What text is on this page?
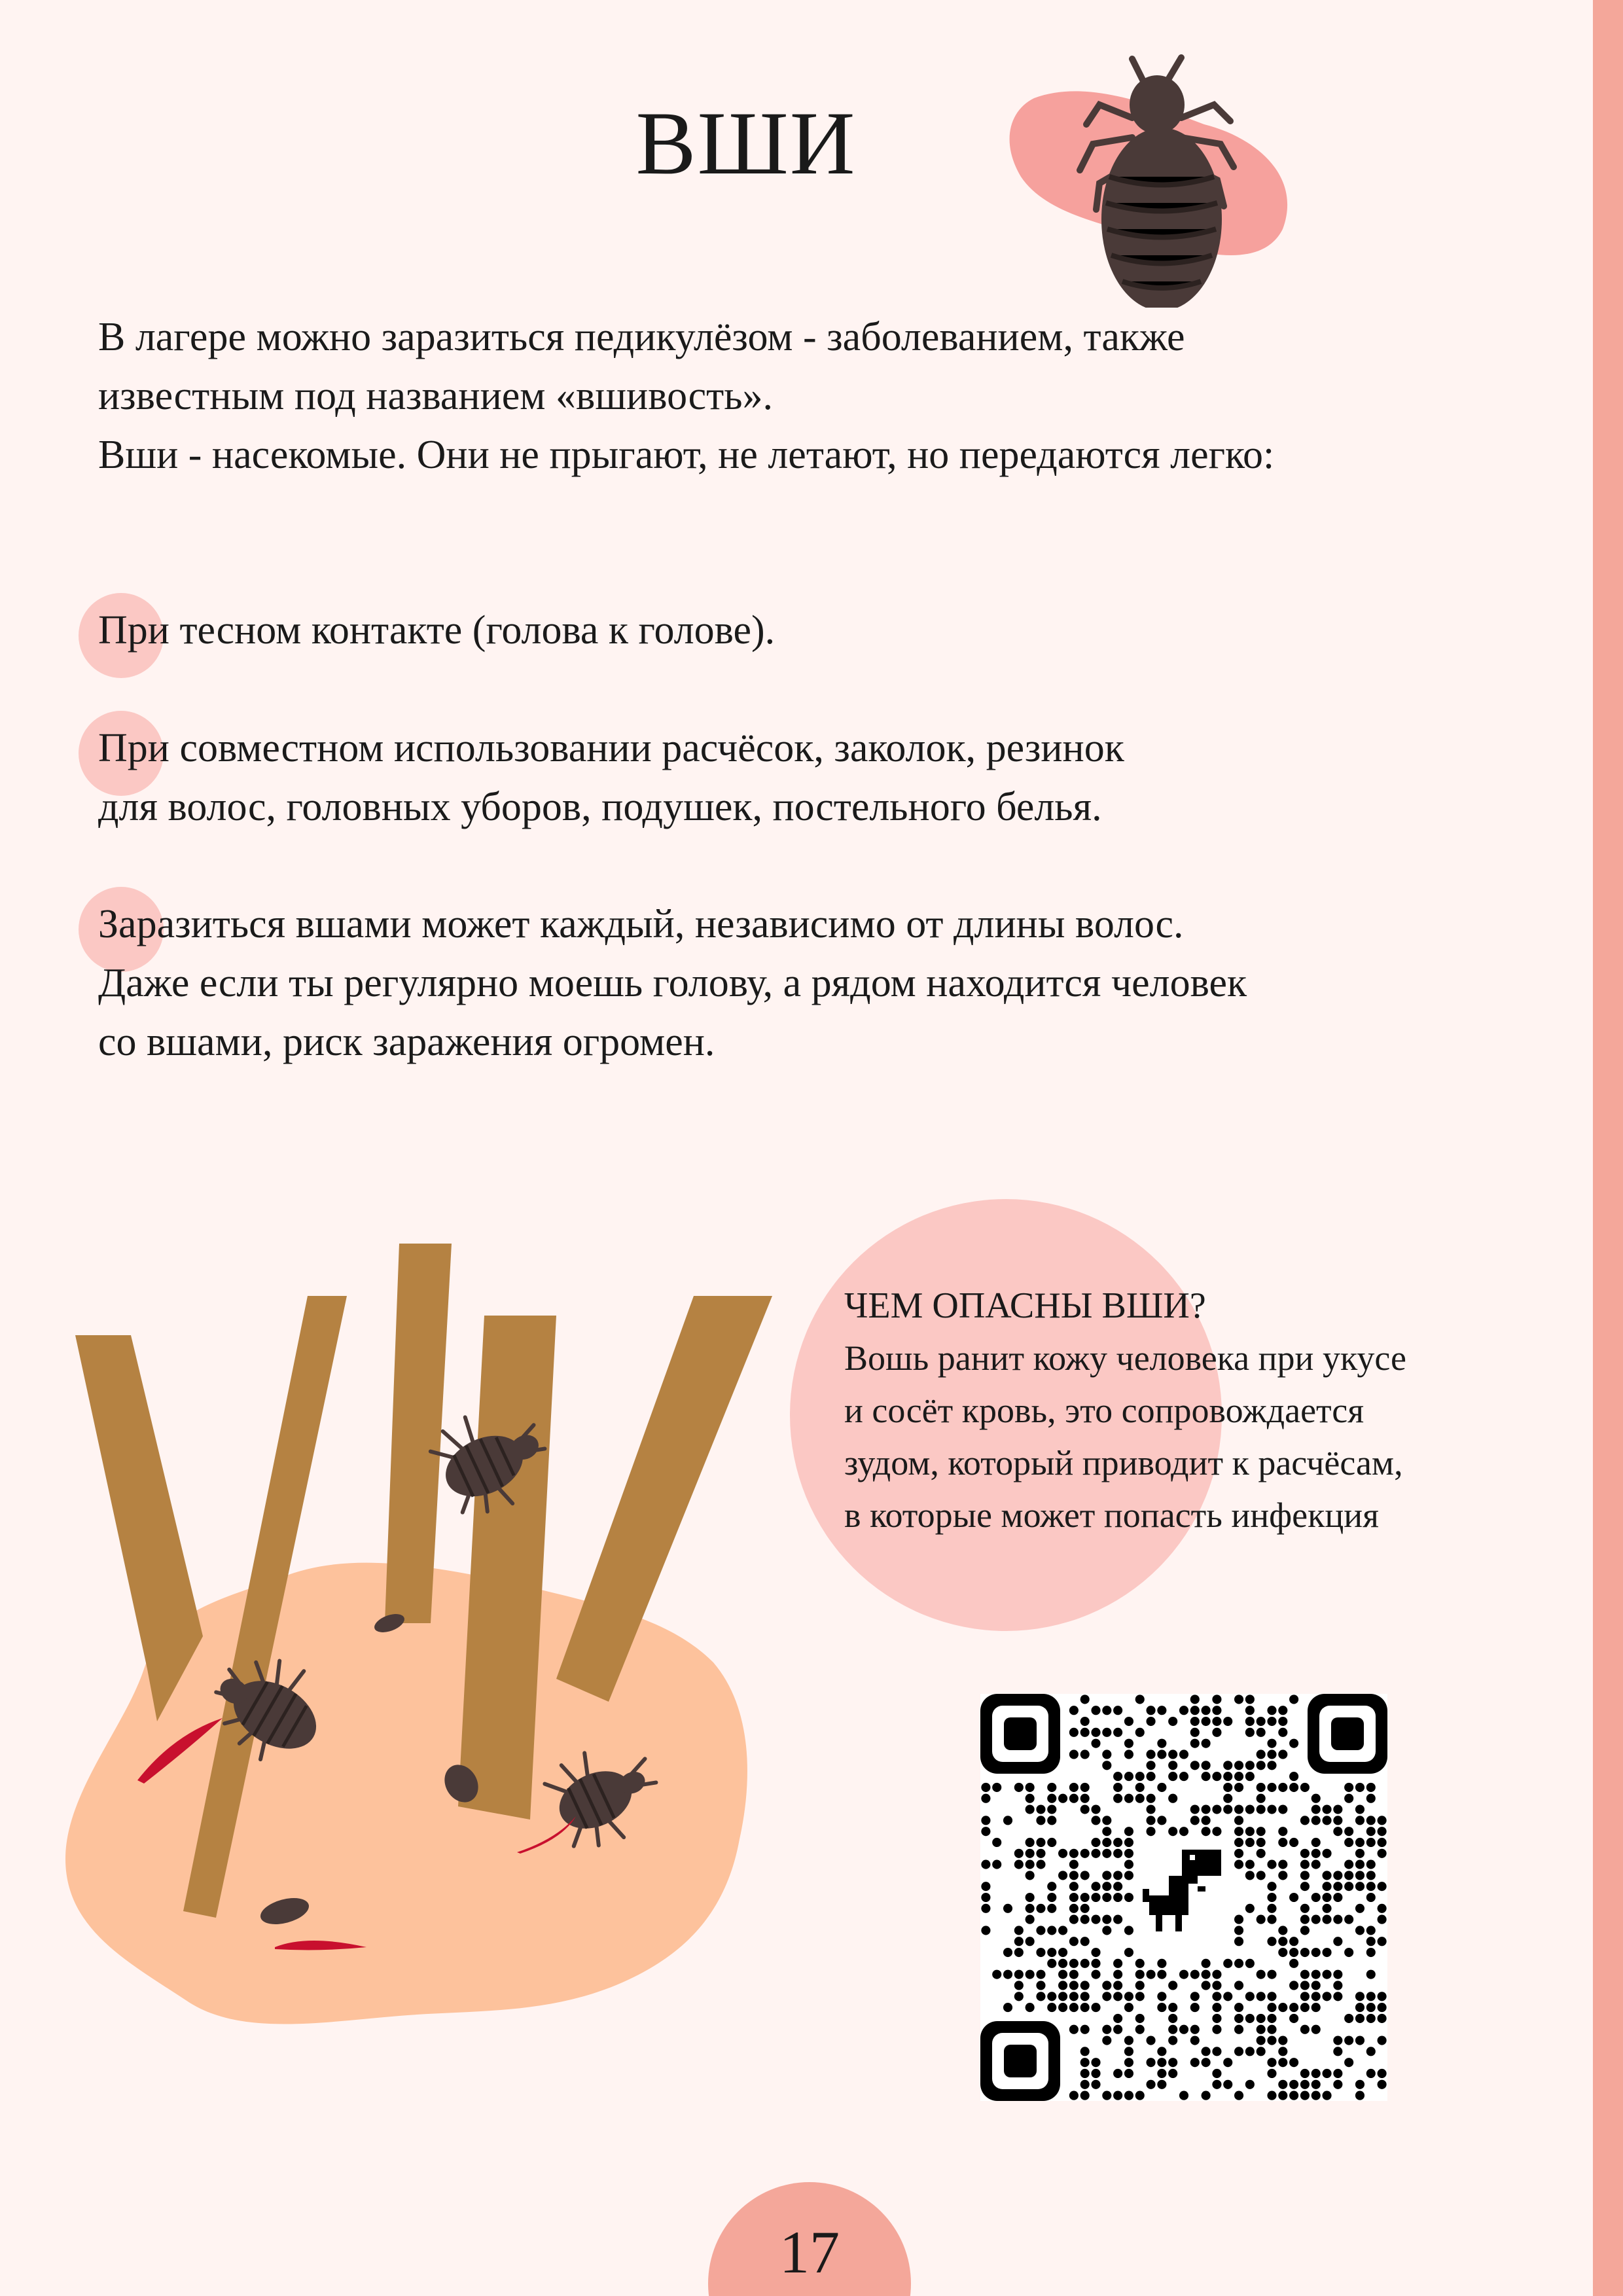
ВШИ

В лагере можно заразиться педикулёзом - заболеванием, также

известным под названием «вшивость».

Вши - насекомые. Они не прыгают, не летают, но передаются легко:

При тесном контакте (голова к голове).

При совместном использовании расчёсок, заколок, резинок

для волос, головных уборов, подушек, постельного белья.

Заразиться вшами может каждый, независимо от длины волос.

Даже если ты регулярно моешь голову, а рядом находится человек

со вшами, риск заражения огромен.

ЧЕМ ОПАСНЫ ВШИ?

Вошь ранит кожу человека при укусе

и сосёт кровь, это сопровождается

зудом, который приводит к расчёсам,

в которые может попасть инфекция

17
